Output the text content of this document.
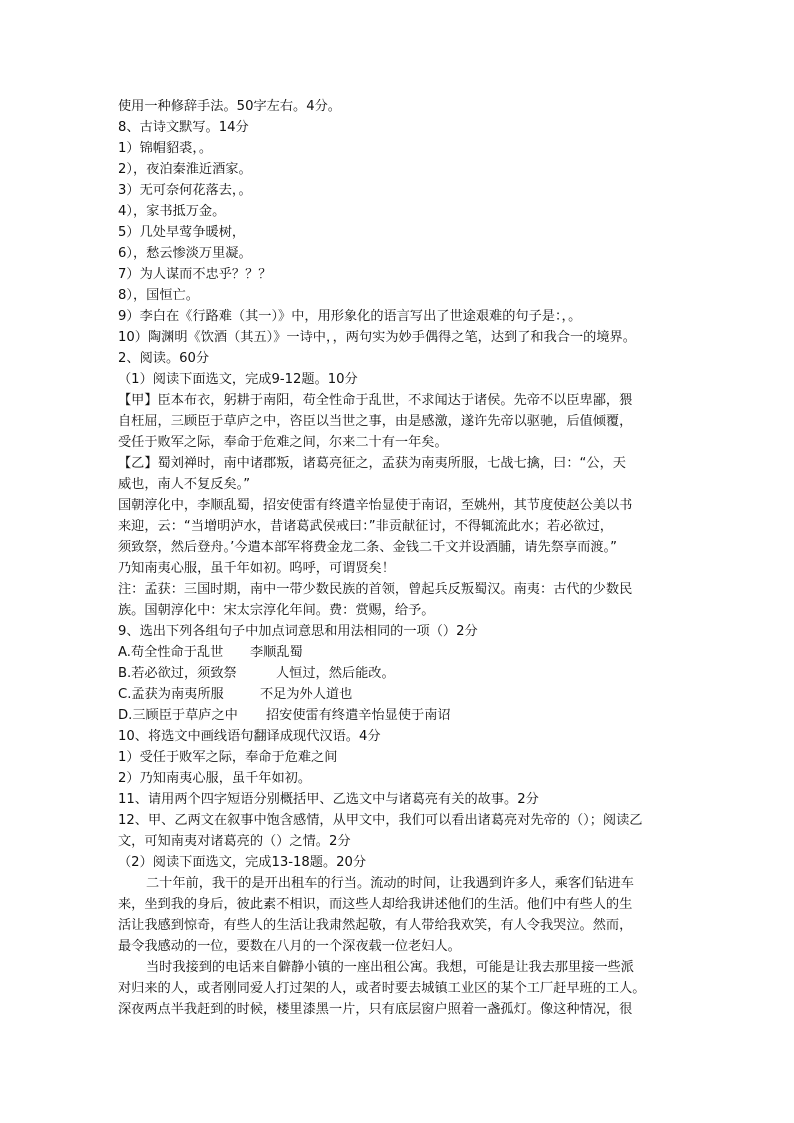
使用一种修辞手法。50字左右。4分。
8、古诗文默写。14分
1）锦帽貂裘，。
2），夜泊秦淮近酒家。
3）无可奈何花落去，。
4），家书抵万金。
5）几处早莺争暖树，
6），愁云惨淡万里凝。
7）为人谋而不忠乎？？？
8），国恒亡。
9）李白在《行路难（其一）》中，用形象化的语言写出了世途艰难的句子是：，。
10）陶渊明《饮酒（其五）》一诗中，，两句实为妙手偶得之笔，达到了和我合一的境界。
2、阅读。60分
（1）阅读下面选文，完成9-12题。10分
【甲】臣本布衣，躬耕于南阳，苟全性命于乱世，不求闻达于诸侯。先帝不以臣卑鄙，猥
自枉屈，三顾臣于草庐之中，咨臣以当世之事，由是感激，遂许先帝以驱驰，后值倾覆，
受任于败军之际，奉命于危难之间，尔来二十有一年矣。
【乙】蜀刘禅时，南中诸郡叛，诸葛亮征之，孟获为南夷所服，七战七擒，曰：“公，天
威也，南人不复反矣。”
国朝淳化中，李顺乱蜀，招安使雷有终遣辛怡显使于南诏，至姚州，其节度使赵公美以书
来迎，云：“当增明泸水，昔诸葛武侯戒曰：”非贡献征讨，不得辄流此水；若必欲过，
须致祭，然后登舟。’今遣本部军将费金龙二条、金钱二千文并设酒脯，请先祭享而渡。”
乃知南夷心服，虽千年如初。呜呼，可谓贤矣！
注：孟获：三国时期，南中一带少数民族的首领，曾起兵反叛蜀汉。南夷：古代的少数民
族。国朝淳化中：宋太宗淳化年间。费：赏赐，给予。
9、选出下列各组句子中加点词意思和用法相同的一项（）2分
A.苟全性命于乱世 李顺乱蜀
B.若必欲过，须致祭	人恒过，然后能改。
C.孟获为南夷所服	不足为外人道也
D.三顾臣于草庐之中 招安使雷有终遣辛怡显使于南诏
10、将选文中画线语句翻译成现代汉语。4分
1）受任于败军之际，奉命于危难之间
2）乃知南夷心服，虽千年如初。
11、请用两个四字短语分别概括甲、乙选文中与诸葛亮有关的故事。2分
12、甲、乙两文在叙事中饱含感情，从甲文中，我们可以看出诸葛亮对先帝的（）；阅读乙
文，可知南夷对诸葛亮的（）之情。2分
（2）阅读下面选文，完成13-18题。20分
二十年前，我干的是开出租车的行当。流动的时间，让我遇到许多人，乘客们钻进车
来，坐到我的身后，彼此素不相识，而这些人却给我讲述他们的生活。他们中有些人的生
活让我感到惊奇，有些人的生活让我肃然起敬，有人带给我欢笑，有人令我哭泣。然而，
最令我感动的一位，要数在八月的一个深夜载一位老妇人。
当时我接到的电话来自僻静小镇的一座出租公寓。我想，可能是让我去那里接一些派
对归来的人，或者刚同爱人打过架的人，或者时要去城镇工业区的某个工厂赶早班的工人。
深夜两点半我赶到的时候，楼里漆黑一片，只有底层窗户照着一盏孤灯。像这种情况，很
